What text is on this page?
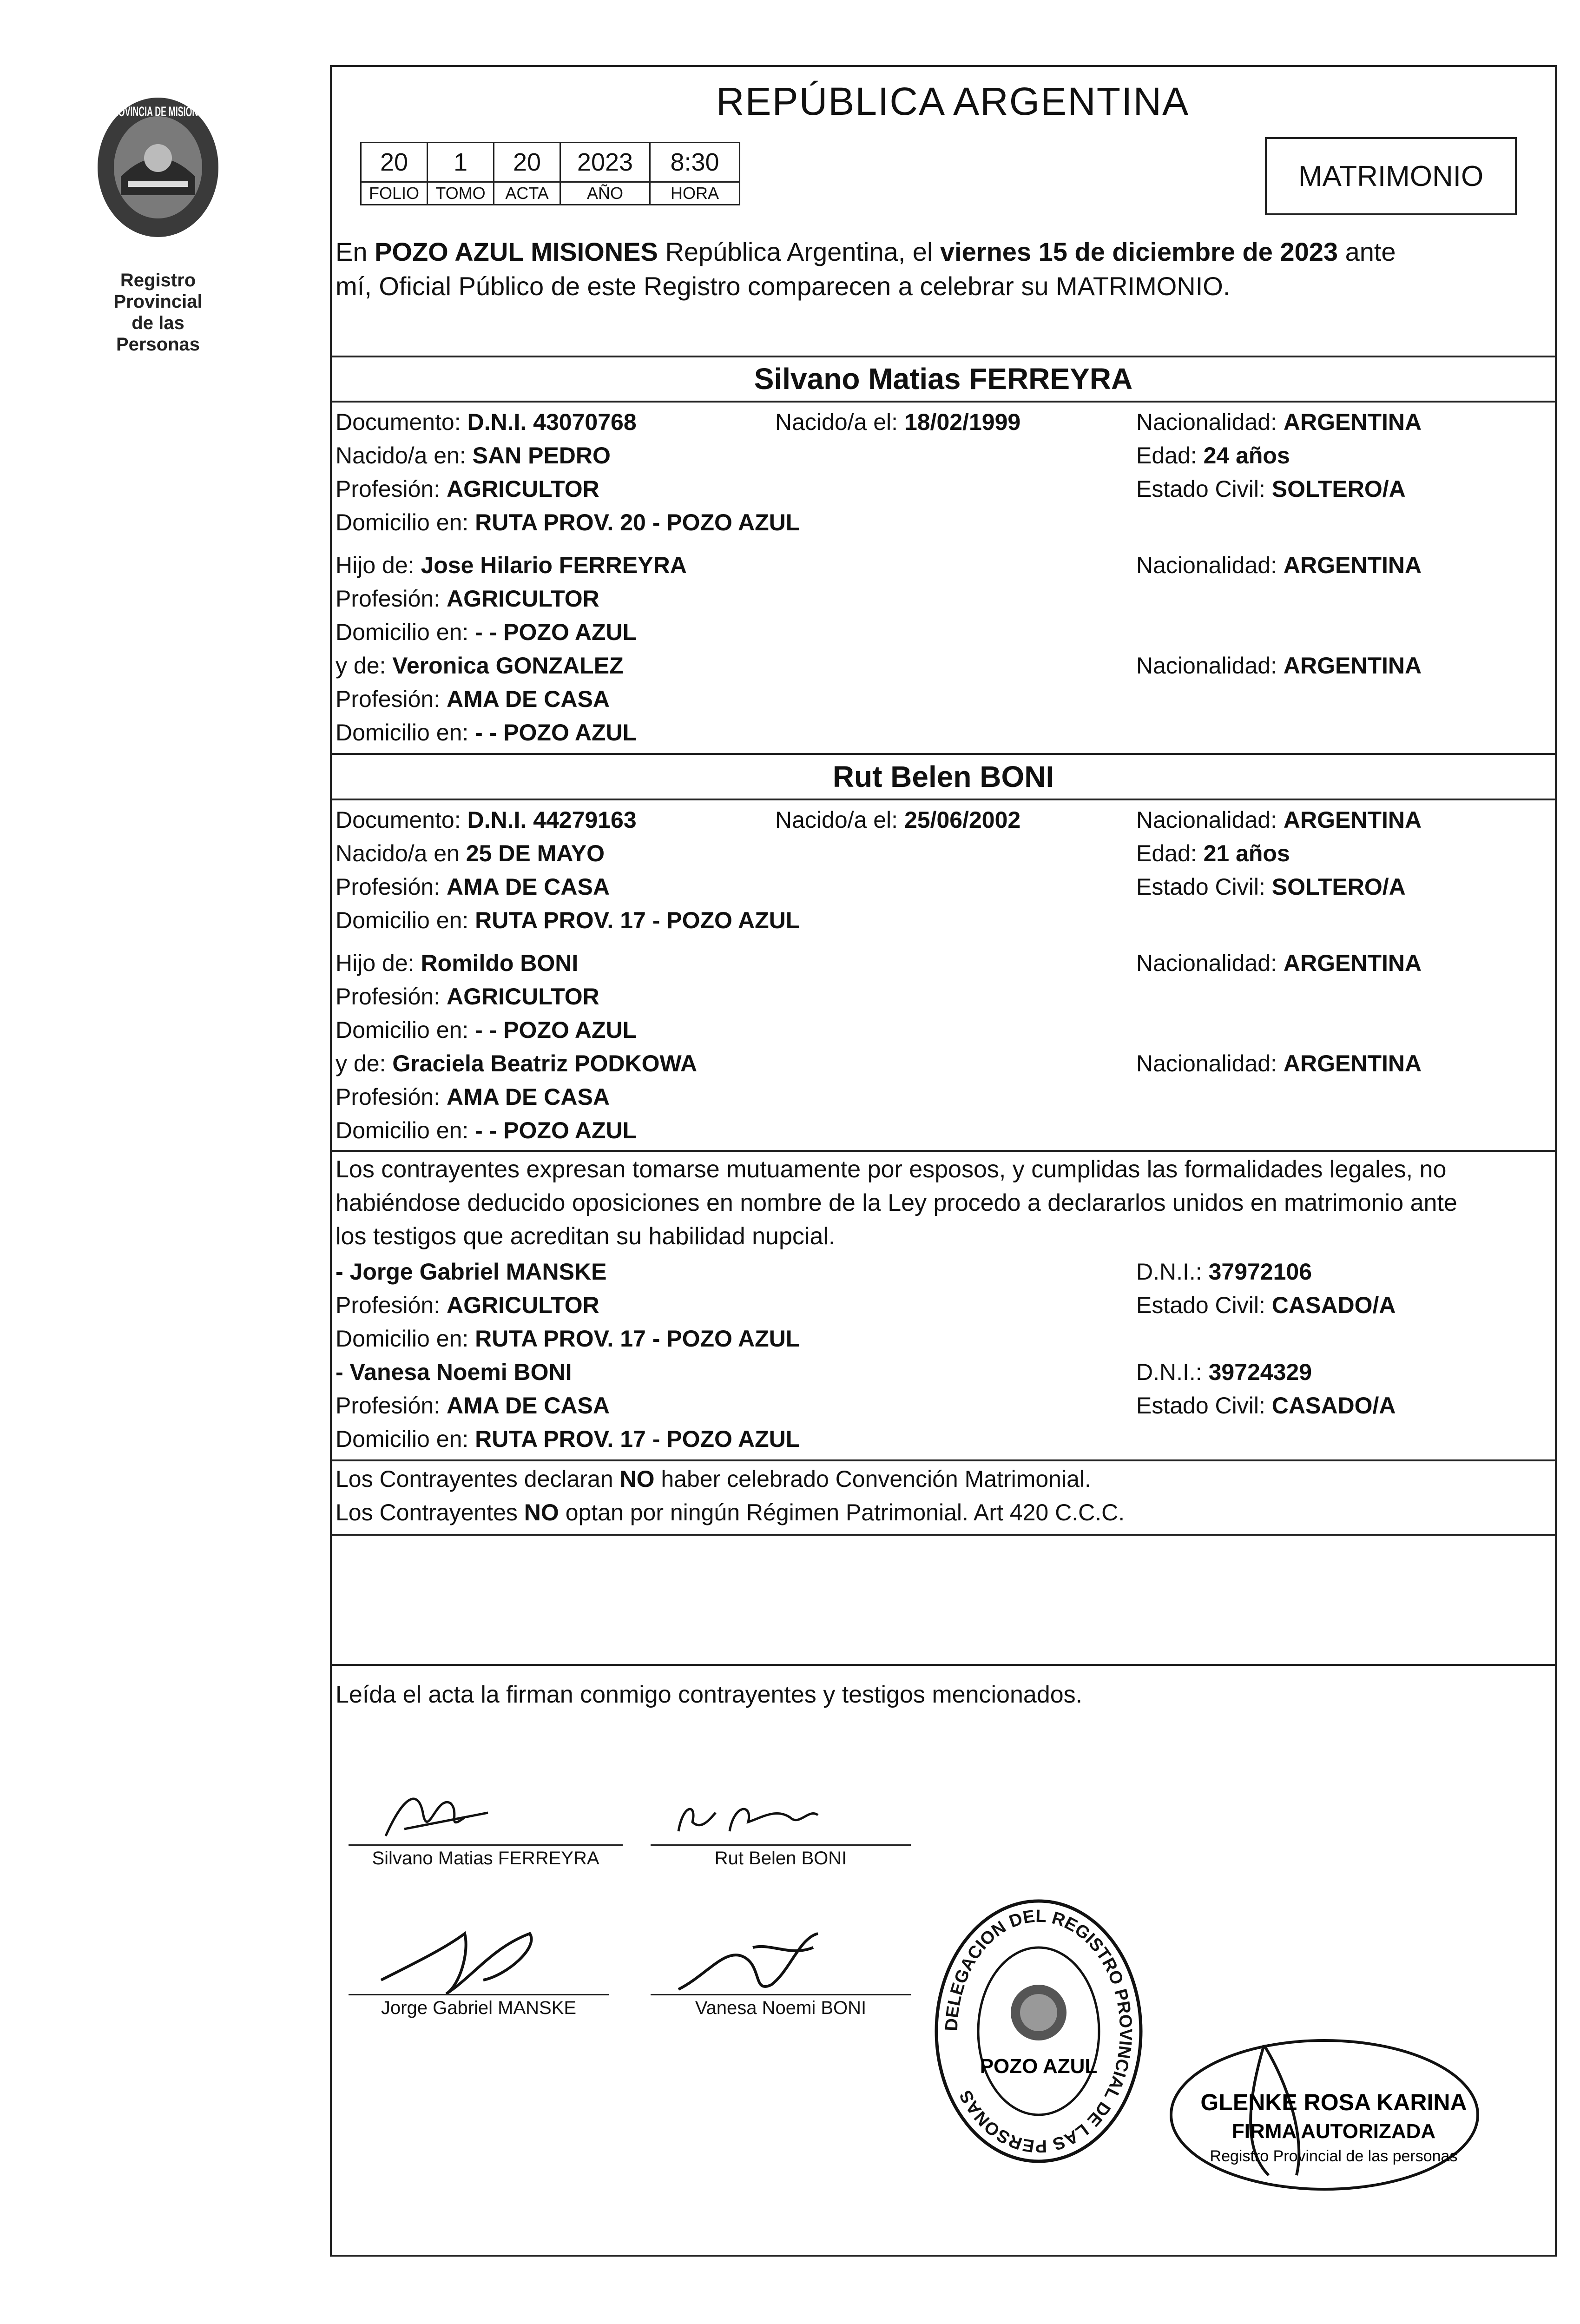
PROVINCIA DE MISIONES
Registro Provincial
de las Personas
REPÚBLICA ARGENTINA
20	1	20	2023	8:30
FOLIO	TOMO	ACTA	AÑO	HORA
MATRIMONIO
En POZO AZUL MISIONES República Argentina, el viernes 15 de diciembre de 2023 ante
mí, Oficial Público de este Registro comparecen a celebrar su MATRIMONIO.
Silvano Matias FERREYRA
Documento: D.N.I. 43070768	Nacido/a el: 18/02/1999	Nacionalidad: ARGENTINA
Nacido/a en: SAN PEDRO	Edad: 24 años
Profesión: AGRICULTOR	Estado Civil: SOLTERO/A
Domicilio en: RUTA PROV. 20 - POZO AZUL
Hijo de: Jose Hilario FERREYRA	Nacionalidad: ARGENTINA
Profesión: AGRICULTOR
Domicilio en: - - POZO AZUL
y de: Veronica GONZALEZ	Nacionalidad: ARGENTINA
Profesión: AMA DE CASA
Domicilio en: - - POZO AZUL
Rut Belen BONI
Documento: D.N.I. 44279163	Nacido/a el: 25/06/2002	Nacionalidad: ARGENTINA
Nacido/a en 25 DE MAYO	Edad: 21 años
Profesión: AMA DE CASA	Estado Civil: SOLTERO/A
Domicilio en: RUTA PROV. 17 - POZO AZUL
Hijo de: Romildo BONI	Nacionalidad: ARGENTINA
Profesión: AGRICULTOR
Domicilio en: - - POZO AZUL
y de: Graciela Beatriz PODKOWA	Nacionalidad: ARGENTINA
Profesión: AMA DE CASA
Domicilio en: - - POZO AZUL
Los contrayentes expresan tomarse mutuamente por esposos, y cumplidas las formalidades legales, no
habiéndose deducido oposiciones en nombre de la Ley procedo a declararlos unidos en matrimonio ante
los testigos que acreditan su habilidad nupcial.
- Jorge Gabriel MANSKE	D.N.I.: 37972106
Profesión: AGRICULTOR	Estado Civil: CASADO/A
Domicilio en: RUTA PROV. 17 - POZO AZUL
- Vanesa Noemi BONI	D.N.I.: 39724329
Profesión: AMA DE CASA	Estado Civil: CASADO/A
Domicilio en: RUTA PROV. 17 - POZO AZUL
Los Contrayentes declaran NO haber celebrado Convención Matrimonial.
Los Contrayentes NO optan por ningún Régimen Patrimonial. Art 420 C.C.C.
Leída el acta la firman conmigo contrayentes y testigos mencionados.
Silvano Matias FERREYRA	Rut Belen BONI
Jorge Gabriel MANSKE	Vanesa Noemi BONI
DELEGACION DEL REGISTRO PROVINCIAL DE LAS PERSONAS
POZO AZUL
GLENKE ROSA KARINA
FIRMA AUTORIZADA
Registro Provincial de las personas
